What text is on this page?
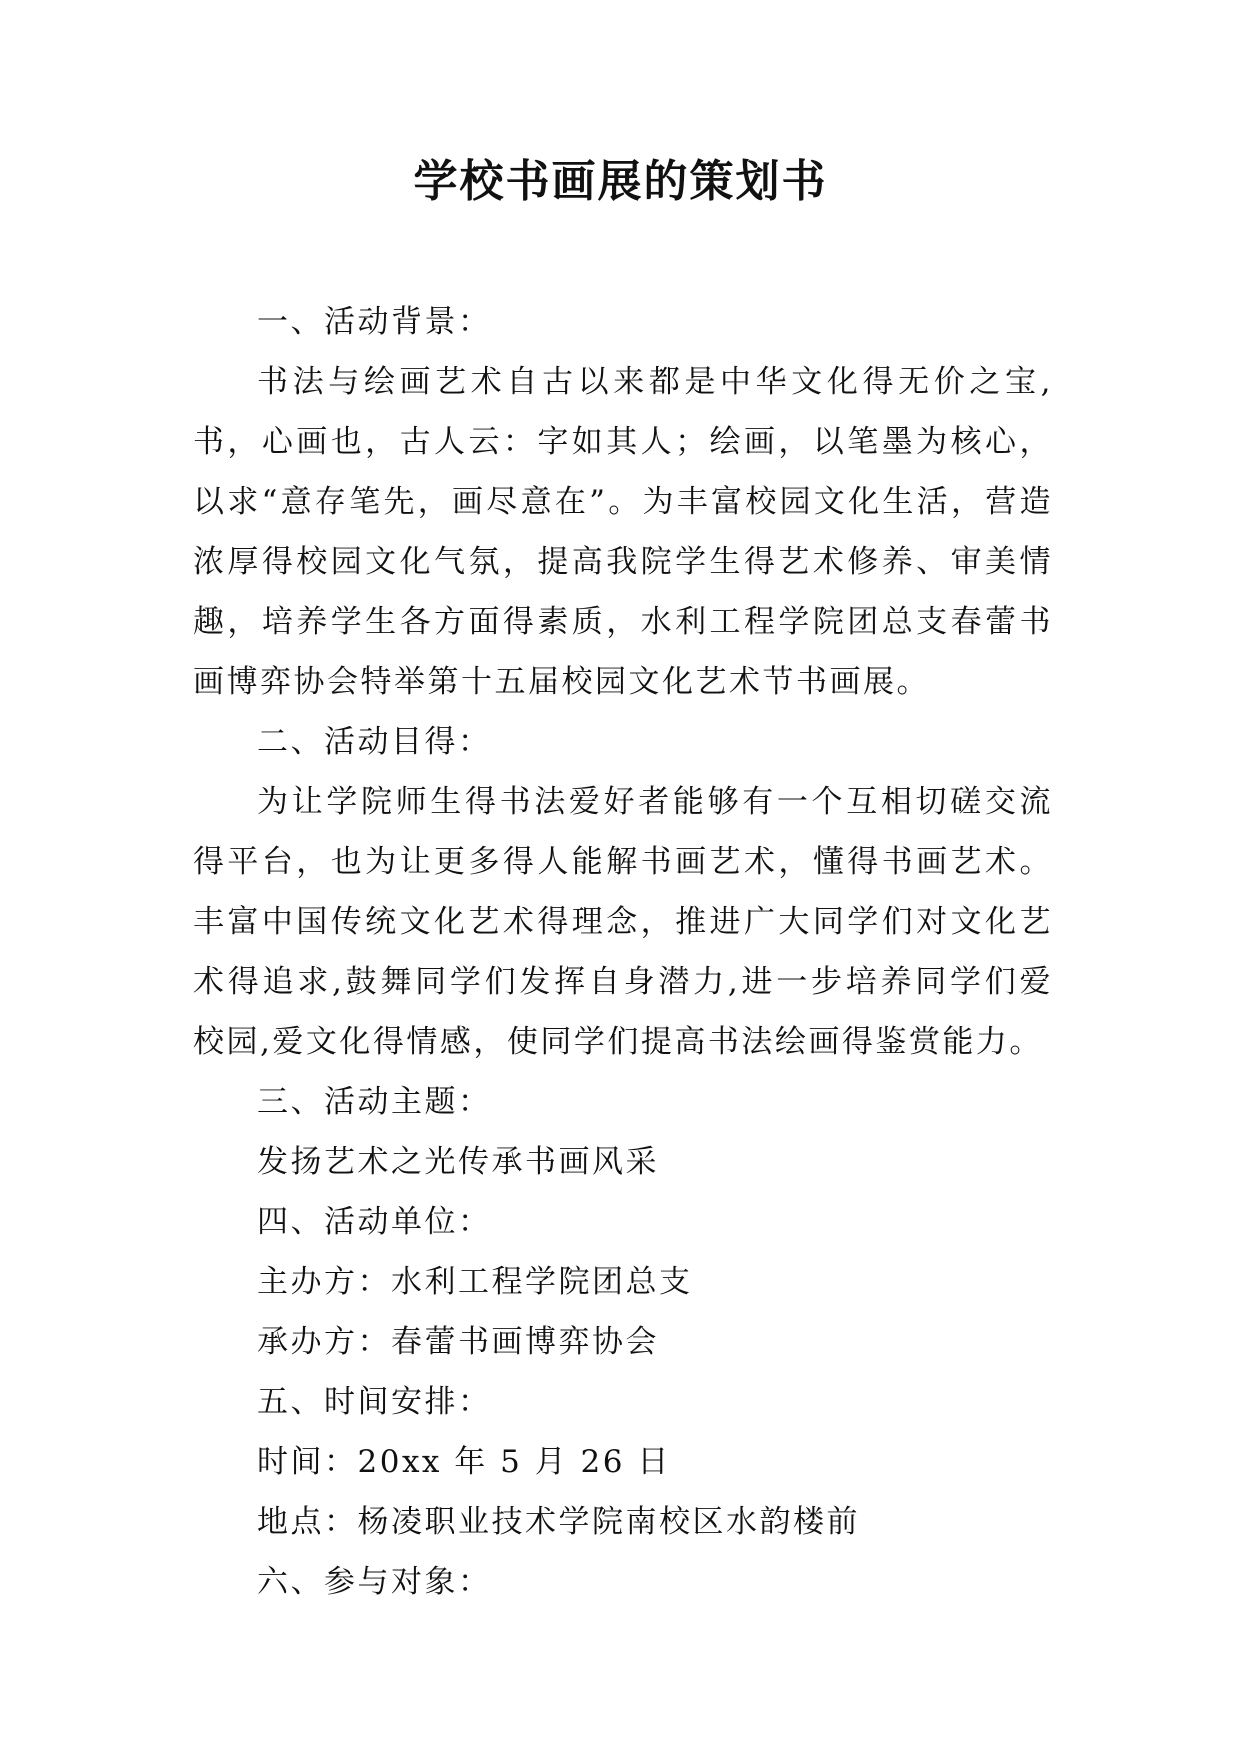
学校书画展的策划书

一、活动背景：

书法与绘画艺术自古以来都是中华文化得无价之宝,书，心画也，古人云：字如其人；绘画，以笔墨为核心，以求“意存笔先，画尽意在”。为丰富校园文化生活，营造浓厚得校园文化气氛，提高我院学生得艺术修养、审美情趣，培养学生各方面得素质，水利工程学院团总支春蕾书画博弈协会特举第十五届校园文化艺术节书画展。

二、活动目得：

为让学院师生得书法爱好者能够有一个互相切磋交流得平台，也为让更多得人能解书画艺术，懂得书画艺术。丰富中国传统文化艺术得理念，推进广大同学们对文化艺术得追求,鼓舞同学们发挥自身潜力,进一步培养同学们爱校园,爱文化得情感，使同学们提高书法绘画得鉴赏能力。

三、活动主题：

发扬艺术之光传承书画风采

四、活动单位：

主办方：水利工程学院团总支

承办方：春蕾书画博弈协会

五、时间安排：

时间：20xx 年 5 月 26 日

地点：杨凌职业技术学院南校区水韵楼前

六、参与对象：
